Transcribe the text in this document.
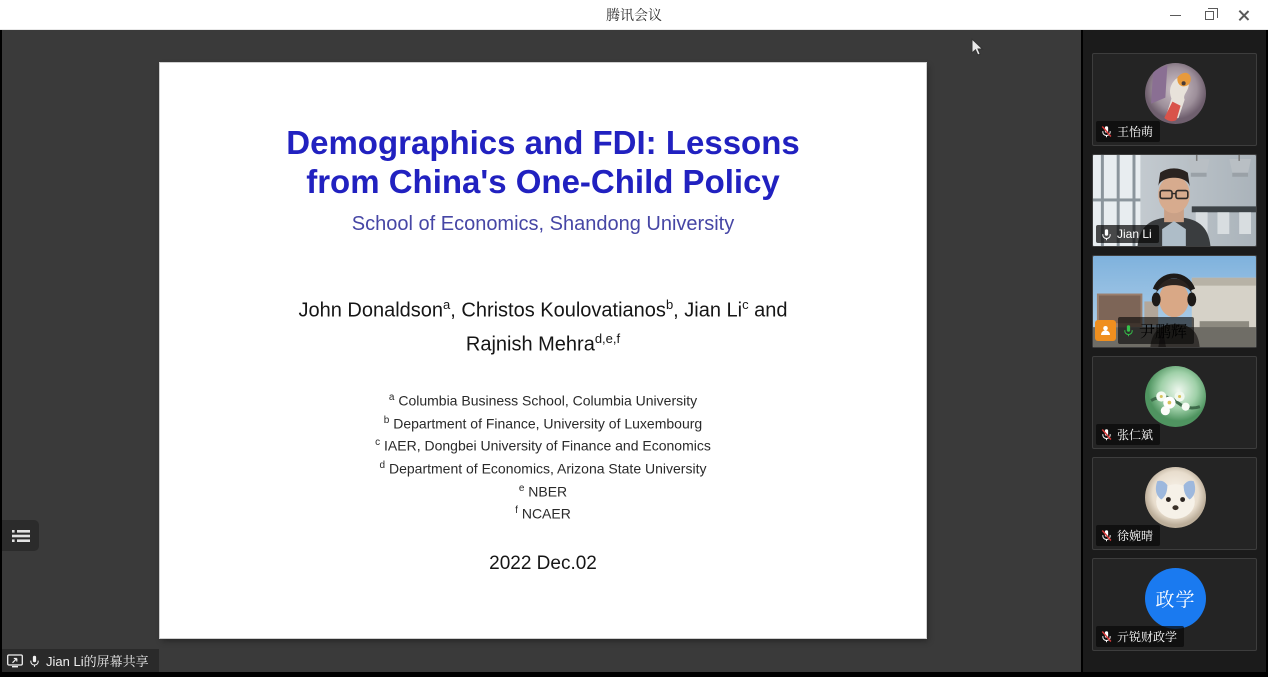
腾讯会议
Demographics and FDI: Lessons
from China's One-Child Policy
School of Economics, Shandong University
John Donaldson$^a$, Christos Koulovatianos$^b$, Jian Li$^c$ and
Rajnish Mehra$^{d,e,f}$
$^a$ Columbia Business School, Columbia University
$^b$ Department of Finance, University of Luxembourg
$^c$ IAER, Dongbei University of Finance and Economics
$^d$ Department of Economics, Arizona State University
$^e$ NBER
$^f$ NCAER
2022 Dec.02
Jian Li的屏幕共享
王怡萌
Jian Li
尹鹏辉
张仁斌
徐婉晴
政学
亓锐财政学
